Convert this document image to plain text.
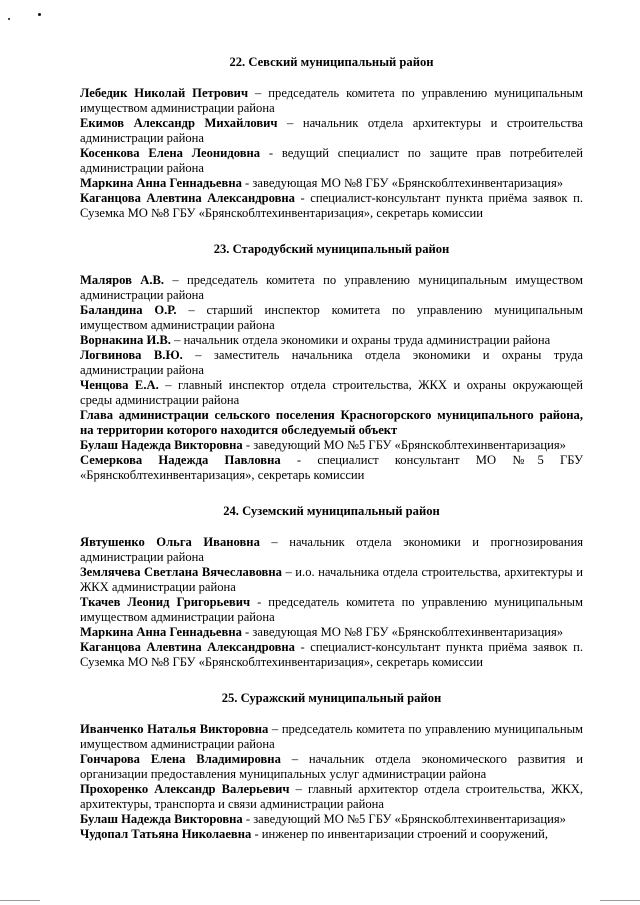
22. Севский муниципальный район

Лебедик Николай Петрович – председатель комитета по управлению муниципальным имуществом администрации района

Екимов Александр Михайлович – начальник отдела архитектуры и строительства администрации района

Косенкова Елена Леонидовна - ведущий специалист по защите прав потребителей администрации района

Маркина Анна Геннадьевна - заведующая МО №8 ГБУ «Брянскоблтехинвентаризация»

Каганцова Алевтина Александровна - специалист-консультант пункта приёма заявок п. Суземка МО №8 ГБУ «Брянскоблтехинвентаризация», секретарь комиссии

23. Стародубский муниципальный район

Маляров А.В. – председатель комитета по управлению муниципальным имуществом администрации района

Баландина О.Р. – старший инспектор комитета по управлению муниципальным имуществом администрации района

Ворнакина И.В. – начальник отдела экономики и охраны труда администрации района

Логвинова В.Ю. – заместитель начальника отдела экономики и охраны труда администрации района

Ченцова Е.А. – главный инспектор отдела строительства, ЖКХ и охраны окружающей среды администрации района

Глава администрации сельского поселения Красногорского муниципального района, на территории которого находится обследуемый объект

Булаш Надежда Викторовна - заведующий МО №5 ГБУ «Брянскоблтехинвентаризация»

Семеркова Надежда Павловна - специалист консультант МО №5 ГБУ «Брянскоблтехинвентаризация», секретарь комиссии

24. Суземский муниципальный район

Явтушенко Ольга Ивановна – начальник отдела экономики и прогнозирования администрации района

Землячева Светлана Вячеславовна – и.о. начальника отдела строительства, архитектуры и ЖКХ администрации района

Ткачев Леонид Григорьевич - председатель комитета по управлению муниципальным имуществом администрации района

Маркина Анна Геннадьевна - заведующая МО №8 ГБУ «Брянскоблтехинвентаризация»

Каганцова Алевтина Александровна - специалист-консультант пункта приёма заявок п. Суземка МО №8 ГБУ «Брянскоблтехинвентаризация», секретарь комиссии

25. Суражский муниципальный район

Иванченко Наталья Викторовна – председатель комитета по управлению муниципальным имуществом администрации района

Гончарова Елена Владимировна – начальник отдела экономического развития и организации предоставления муниципальных услуг администрации района

Прохоренко Александр Валерьевич – главный архитектор отдела строительства, ЖКХ, архитектуры, транспорта и связи администрации района

Булаш Надежда Викторовна - заведующий МО №5 ГБУ «Брянскоблтехинвентаризация»

Чудопал Татьяна Николаевна - инженер по инвентаризации строений и сооружений,
